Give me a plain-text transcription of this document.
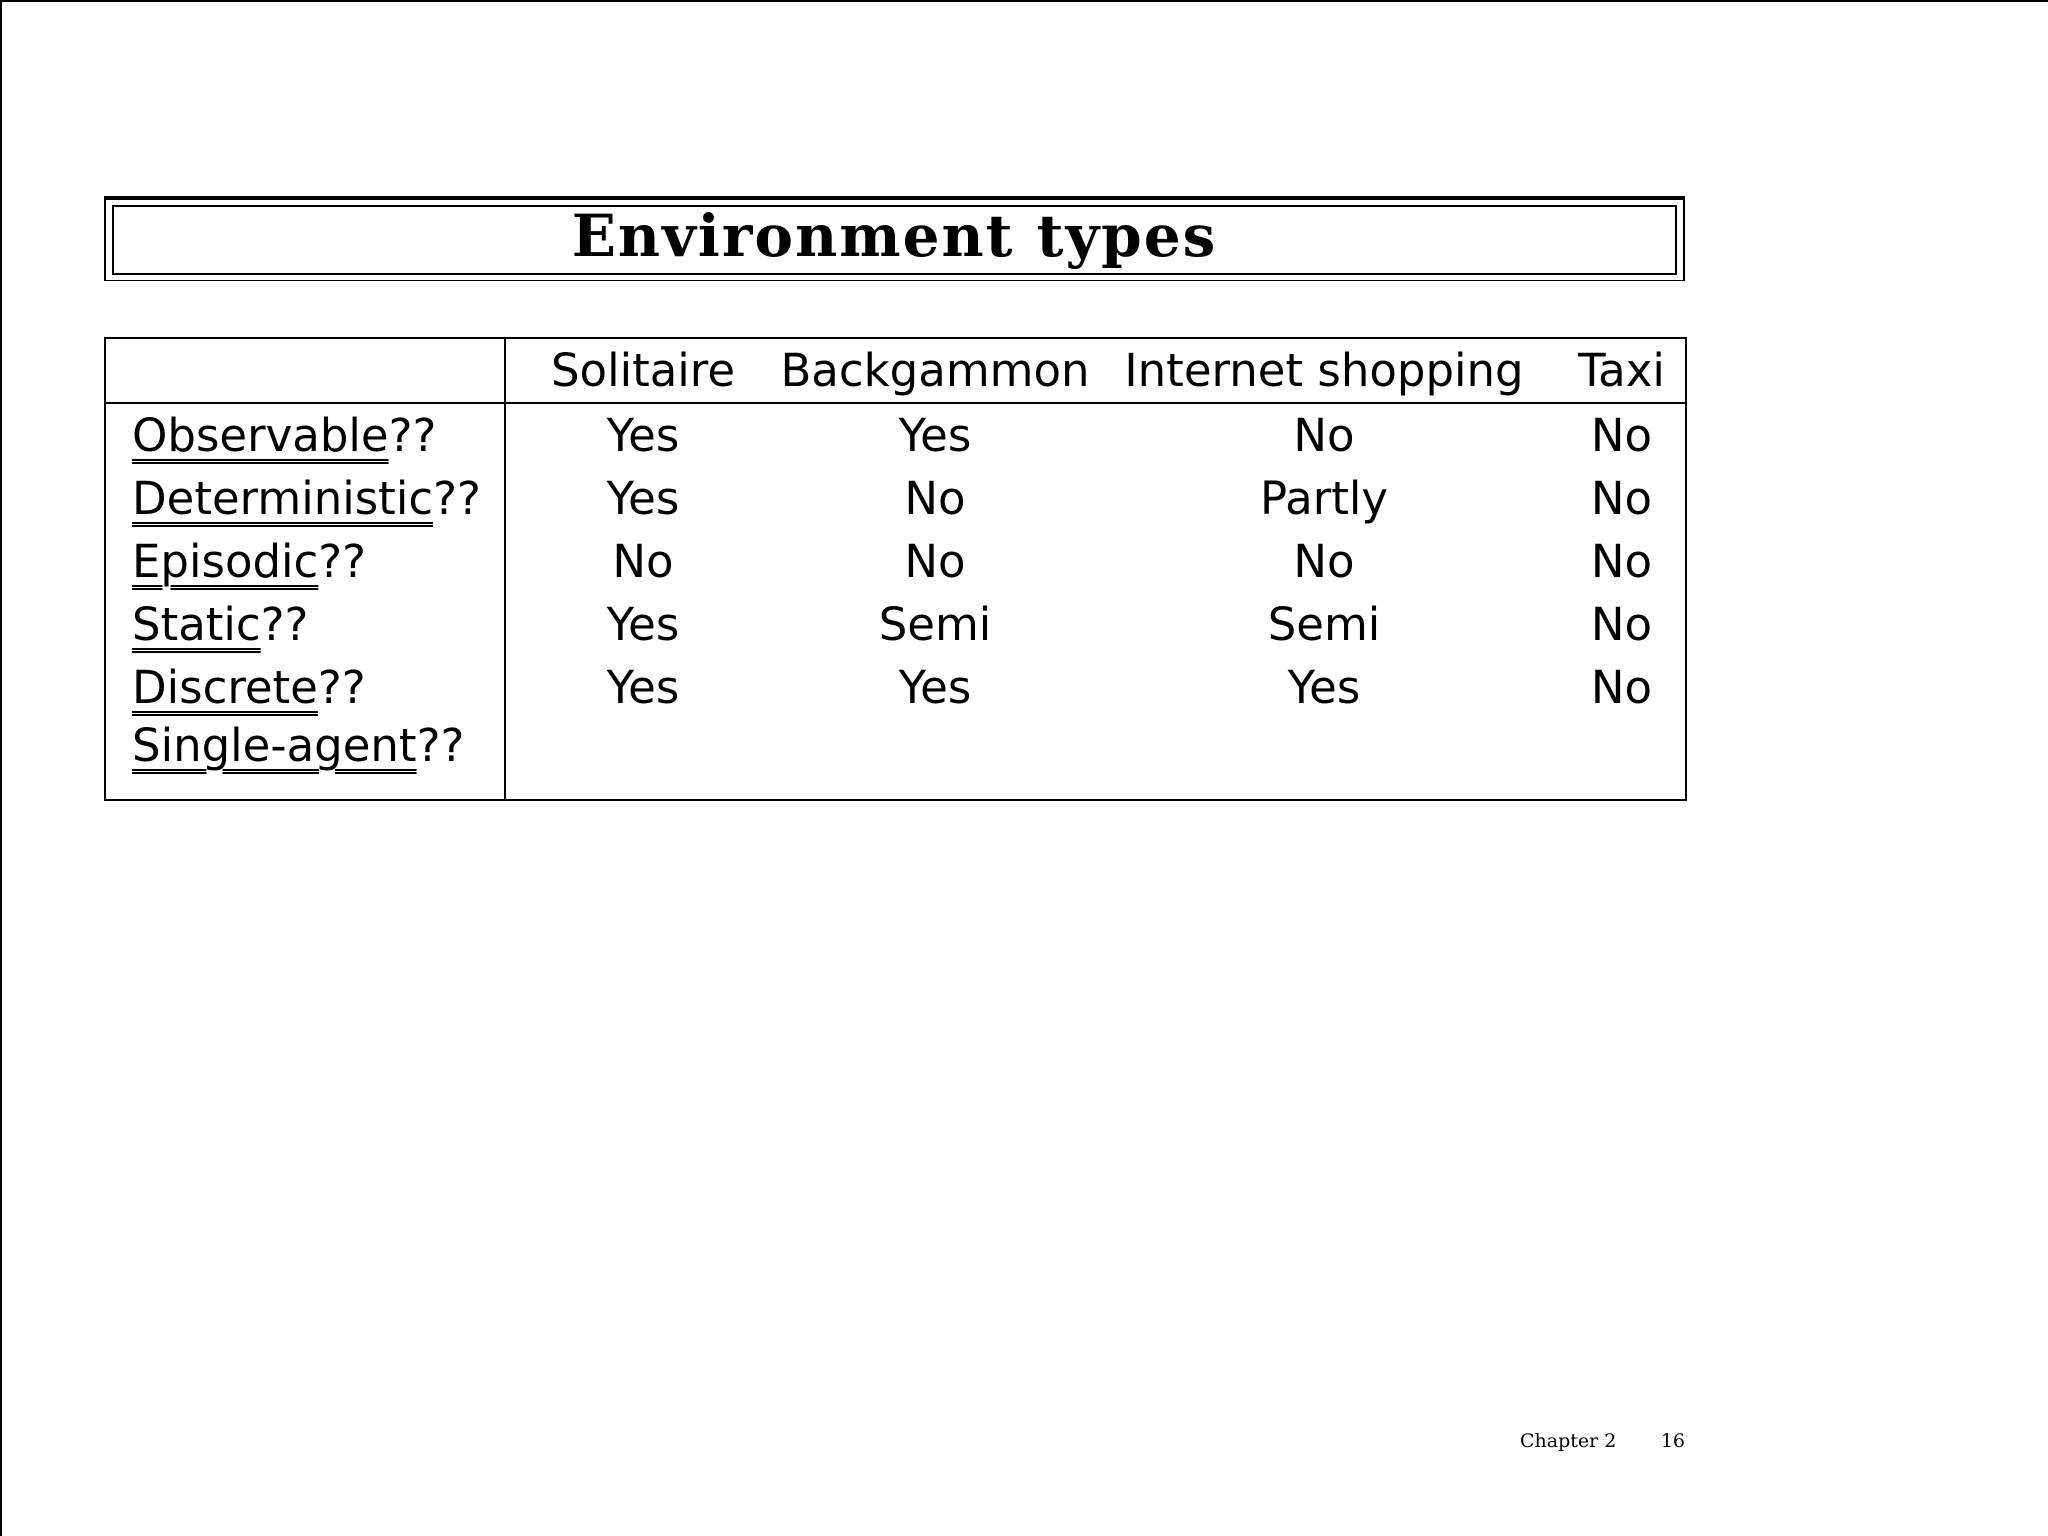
Environment types
	Solitaire	Backgammon	Internet shopping	Taxi
Observable??	Yes	Yes	No	No
Deterministic??	Yes	No	Partly	No
Episodic??	No	No	No	No
Static??	Yes	Semi	Semi	No
Discrete??	Yes	Yes	Yes	No
Single-agent??				
Chapter 2 16
